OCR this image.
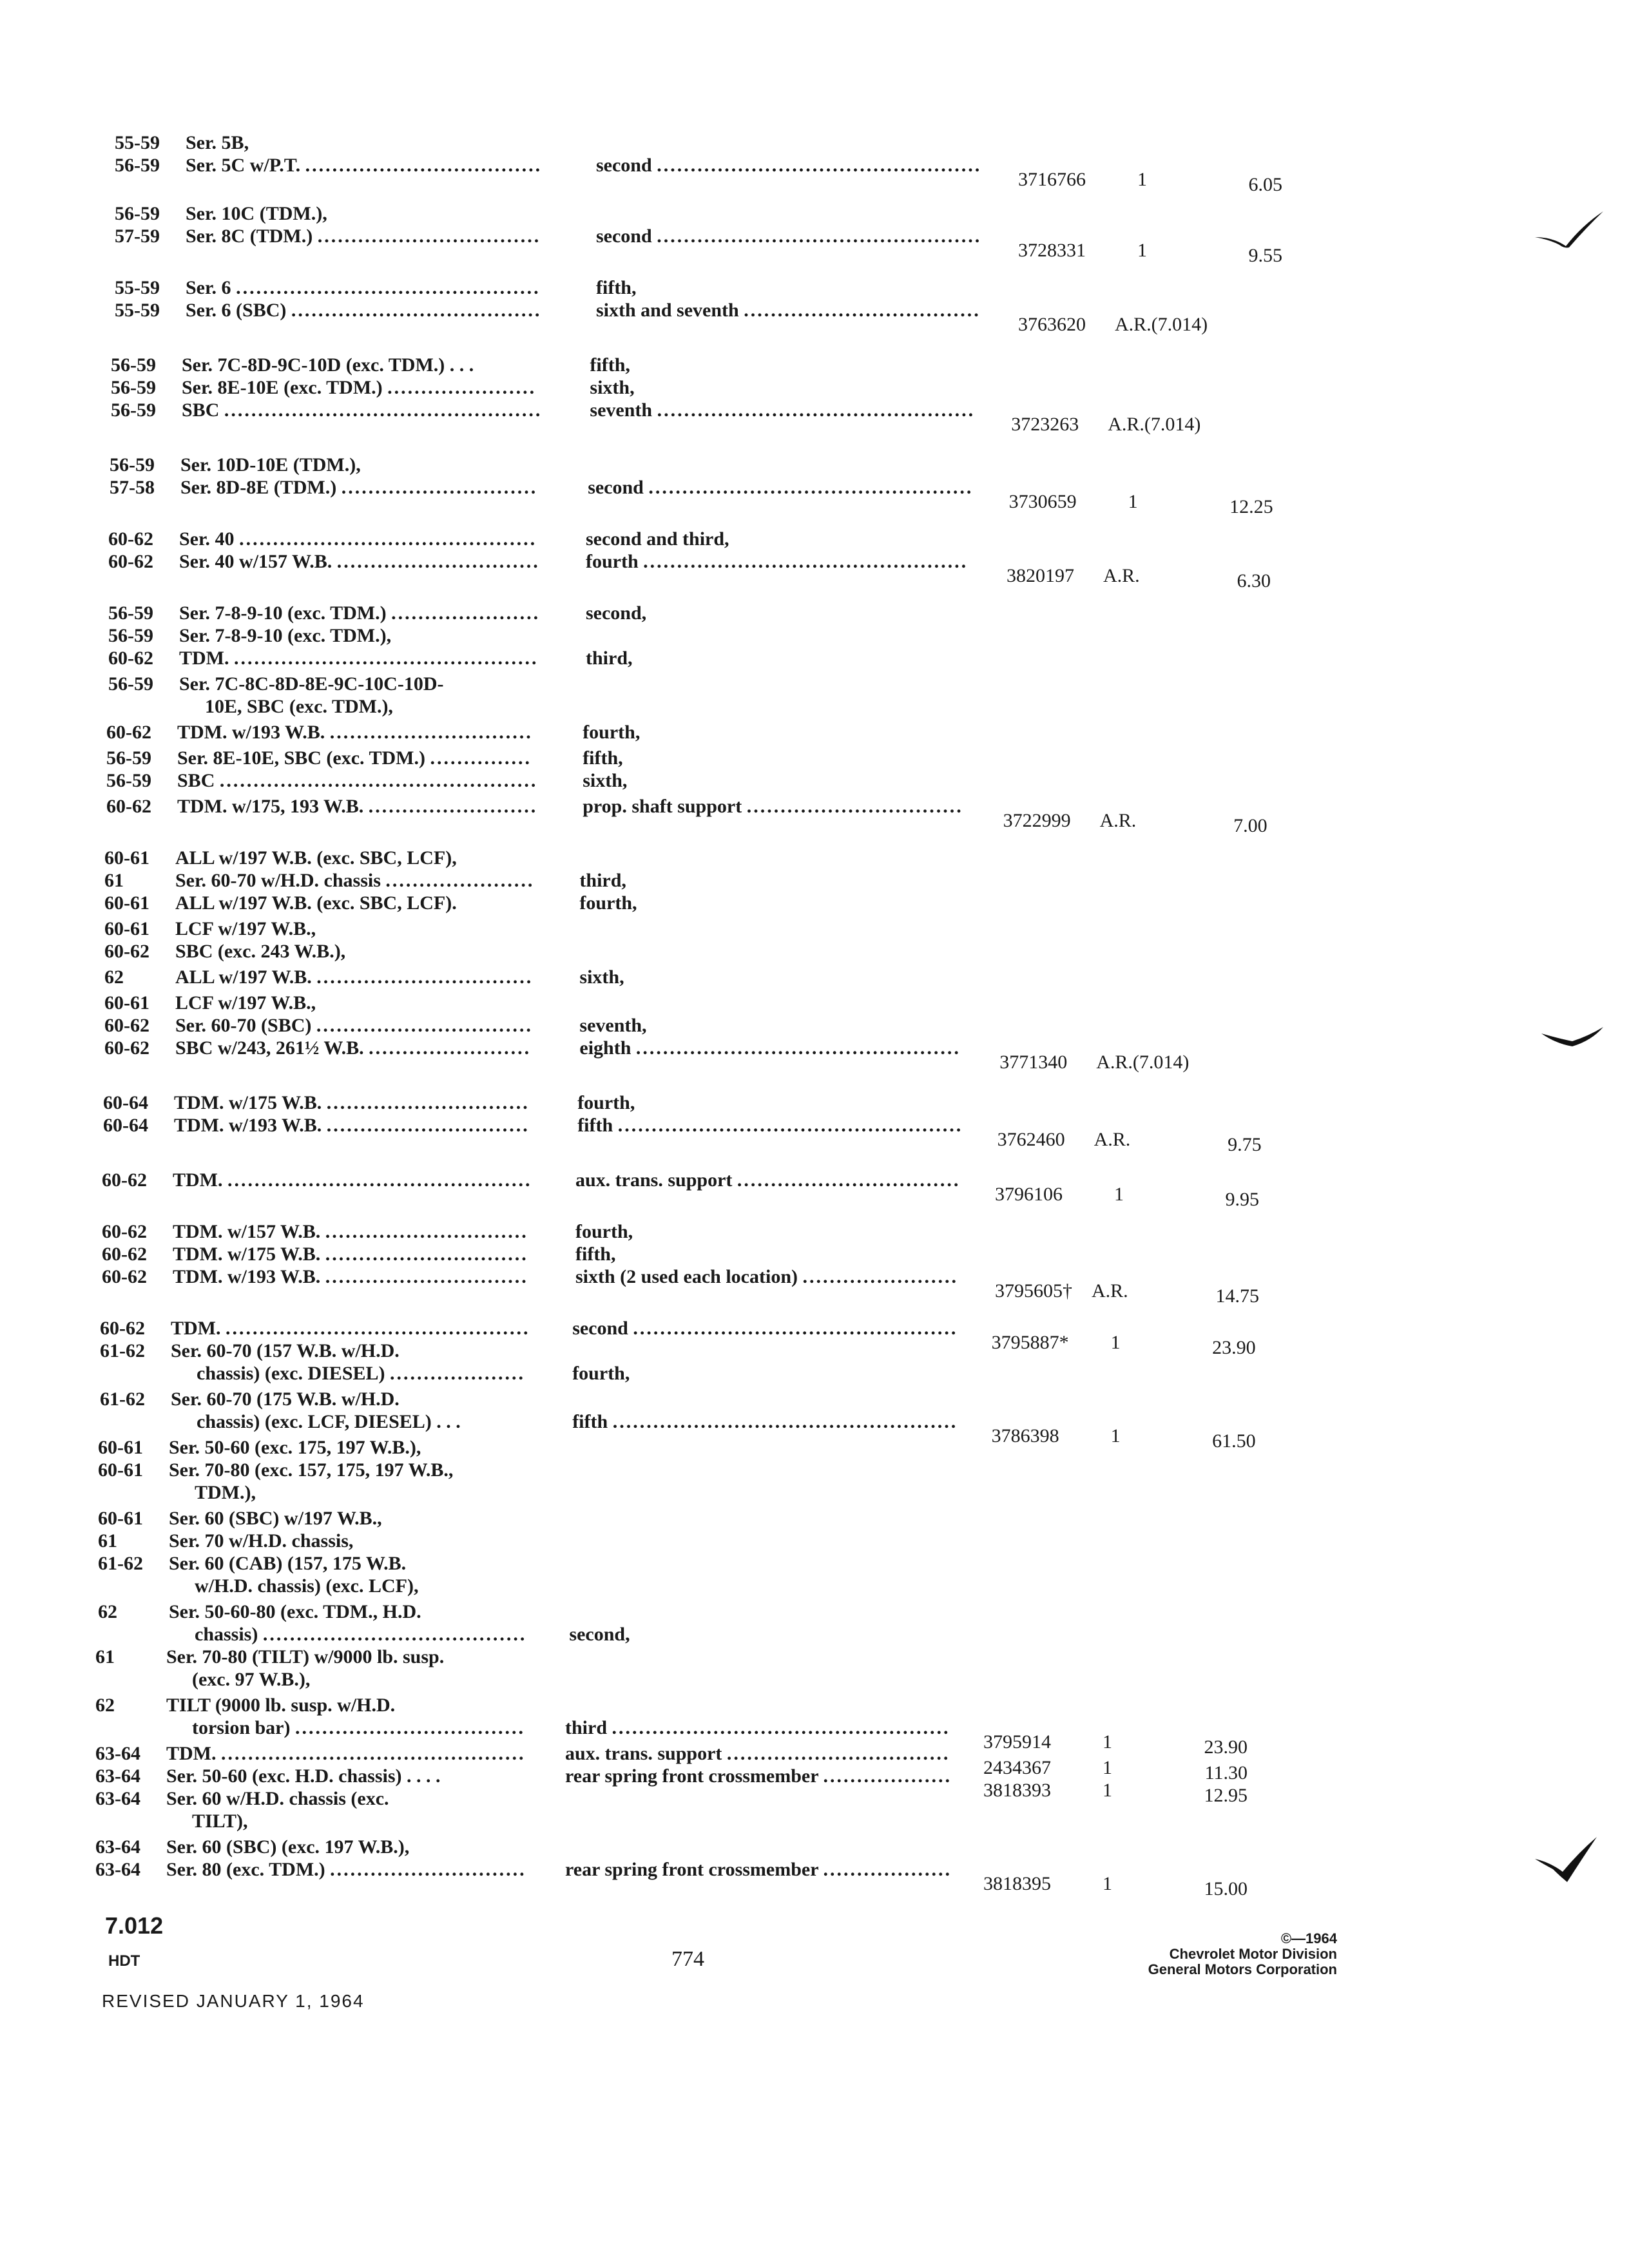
55-59 Ser. 5B,
56-59 Ser. 5C w/P.T. ...................................	second ................................................
3716766	1	6.05
56-59 Ser. 10C (TDM.),
57-59 Ser. 8C (TDM.) .................................	second ................................................
3728331	1	9.55
55-59 Ser. 6 .............................................	fifth,
55-59 Ser. 6 (SBC) .....................................	sixth and seventh ...................................
3763620 A.R.(7.014)
56-59 Ser. 7C-8D-9C-10D (exc. TDM.) . . .	fifth,
56-59 Ser. 8E-10E (exc. TDM.) ......................	sixth,
56-59 SBC ............................................... seventh ...............................................
3723263 A.R.(7.014)
56-59 Ser. 10D-10E (TDM.),
57-58 Ser. 8D-8E (TDM.) .............................	second ................................................
3730659	1	12.25
60-62 Ser. 40 ............................................	second and third,
60-62 Ser. 40 w/157 W.B. .............................. fourth ................................................
3820197 A.R.	6.30
56-59 Ser. 7-8-9-10 (exc. TDM.) ...................... second,
56-59 Ser. 7-8-9-10 (exc. TDM.),
60-62 TDM. ............................................. third,
56-59 Ser. 7C-8C-8D-8E-9C-10C-10D-
10E, SBC (exc. TDM.),
60-62 TDM. w/193 W.B. ..............................	fourth,
56-59 Ser. 8E-10E, SBC (exc. TDM.) ...............	fifth,
56-59 SBC ............................................... sixth,
60-62 TDM. w/175, 193 W.B. ......................... prop. shaft support ................................
3722999 A.R.	7.00
60-61 ALL w/197 W.B. (exc. SBC, LCF),
61	Ser. 60-70 w/H.D. chassis ...................... third,
60-61 ALL w/197 W.B. (exc. SBC, LCF).	fourth,
60-61 LCF w/197 W.B.,
60-62 SBC (exc. 243 W.B.),
62	ALL w/197 W.B. ................................ sixth,
60-61 LCF w/197 W.B.,
60-62 Ser. 60-70 (SBC) ................................ seventh,
60-62 SBC w/243, 261½ W.B. ........................	eighth ................................................
3771340 A.R.(7.014)
60-64 TDM. w/175 W.B. .............................. fourth,
60-64 TDM. w/193 W.B. .............................. fifth ...................................................
3762460 A.R.	9.75
60-62 TDM. ............................................. aux. trans. support .................................
3796106	1	9.95
60-62 TDM. w/157 W.B. .............................. fourth,
60-62 TDM. w/175 W.B. .............................. fifth,
60-62 TDM. w/193 W.B. .............................. sixth (2 used each location) .......................
3795605† A.R.	14.75
60-62 TDM. ............................................. second ................................................
3795887* 1	23.90
61-62 Ser. 60-70 (157 W.B. w/H.D.
chassis) (exc. DIESEL) ....................	fourth,
61-62 Ser. 60-70 (175 W.B. w/H.D.
chassis) (exc. LCF, DIESEL) . . .	fifth ...................................................
3786398	1	61.50
60-61 Ser. 50-60 (exc. 175, 197 W.B.),
60-61 Ser. 70-80 (exc. 157, 175, 197 W.B.,
TDM.),
60-61 Ser. 60 (SBC) w/197 W.B.,
61	Ser. 70 w/H.D. chassis,
61-62 Ser. 60 (CAB) (157, 175 W.B.
w/H.D. chassis) (exc. LCF),
62	Ser. 50-60-80 (exc. TDM., H.D.
chassis) ....................................... second,
61	Ser. 70-80 (TILT) w/9000 lb. susp.
(exc. 97 W.B.),
62	TILT (9000 lb. susp. w/H.D.
torsion bar) .................................. third ..................................................
3795914	1	23.90
63-64 TDM. ............................................. aux. trans. support .................................
2434367	1	11.30
63-64 Ser. 50-60 (exc. H.D. chassis) . . . .	rear spring front crossmember ...................
3818393	1	12.95
63-64 Ser. 60 w/H.D. chassis (exc.
TILT),
63-64 Ser. 60 (SBC) (exc. 197 W.B.),
63-64 Ser. 80 (exc. TDM.) ............................. rear spring front crossmember ...................
3818395	1	15.00
7.012
HDT
REVISED JANUARY 1, 1964
774
©—1964
Chevrolet Motor Division
General Motors Corporation
